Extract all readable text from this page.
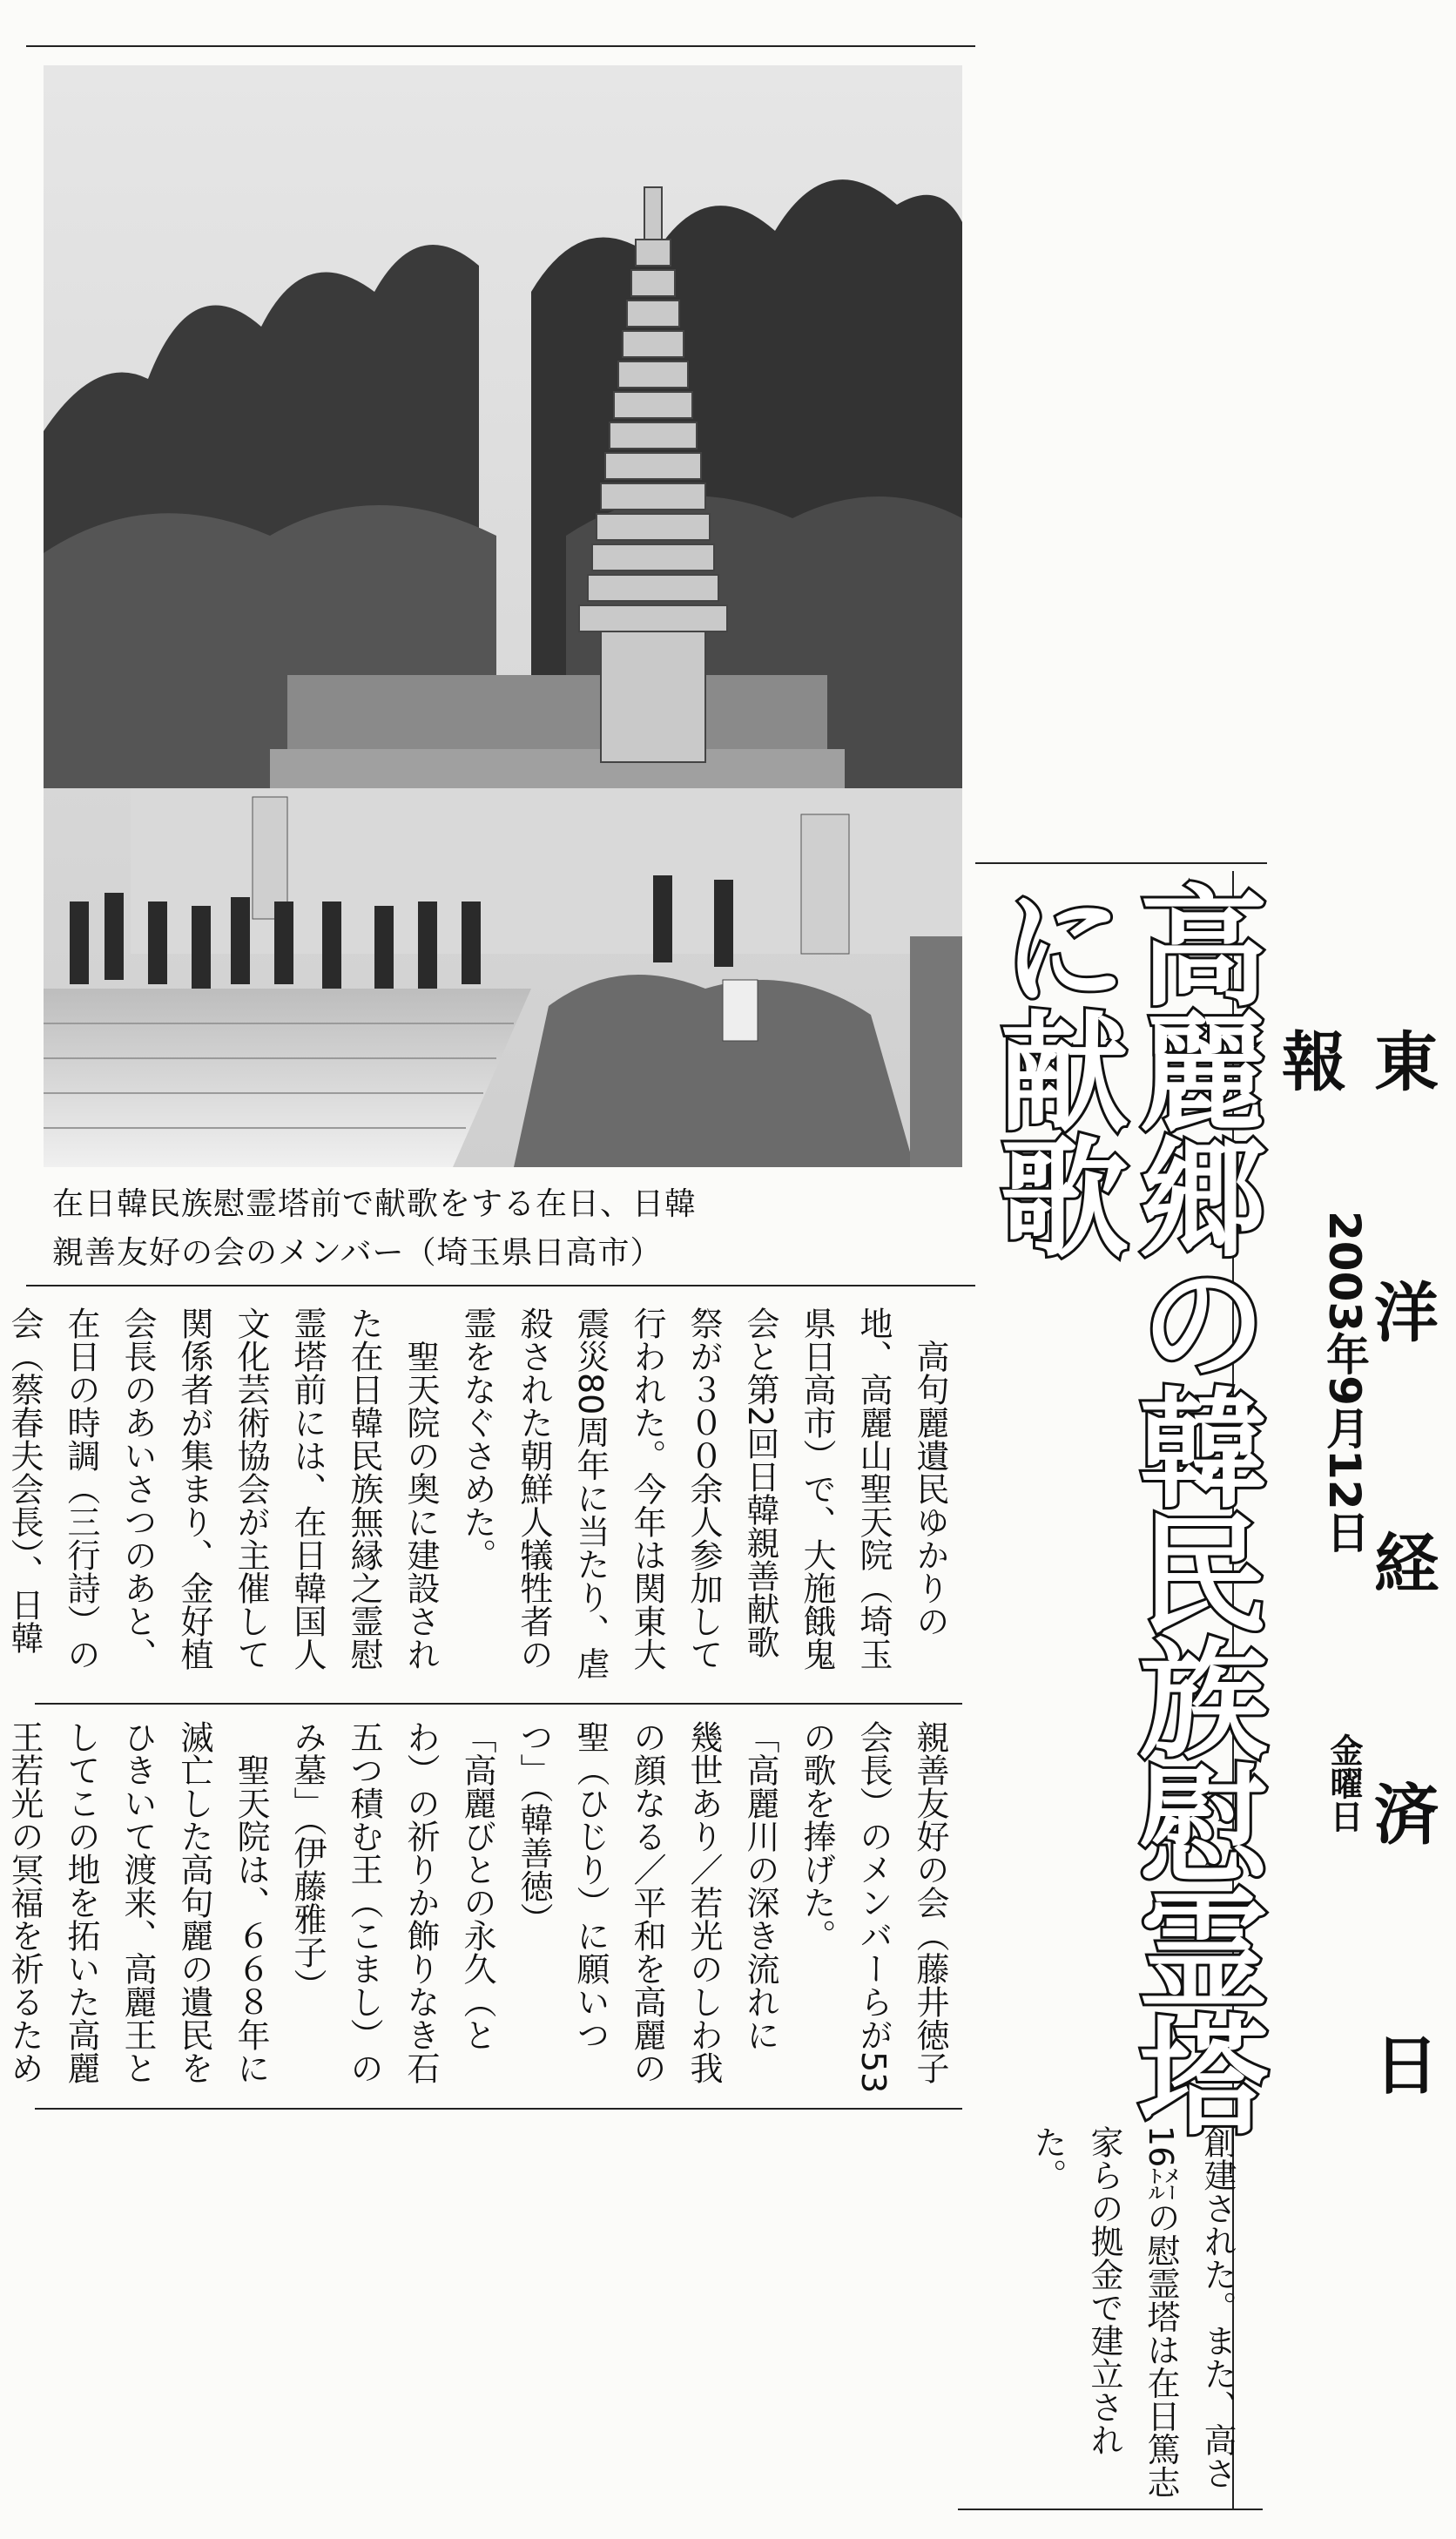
在日韓民族慰霊塔前で献歌をする在日、日韓
親善友好の会のメンバー（埼玉県日高市）
　高句麗遺民ゆかりの
地、高麗山聖天院（埼玉
県日高市）で、大施餓鬼
会と第2回日韓親善献歌
祭が３００余人参加して
行われた。今年は関東大
震災80周年に当たり、虐
殺された朝鮮人犠牲者の
霊をなぐさめた。
　聖天院の奥に建設され
た在日韓民族無縁之霊慰
霊塔前には、在日韓国人
文化芸術協会が主催して
関係者が集まり、金好植
会長のあいさつのあと、
在日の時調（三行詩）の
会（蔡春夫会長）、日韓
親善友好の会（藤井徳子
会長）のメンバーらが53
の歌を捧げた。
「高麗川の深き流れに
幾世あり／若光のしわ我
の顔なる／平和を高麗の
聖（ひじり）に願いつ
つ」（韓善徳）
「高麗びとの永久（と
わ）の祈りか飾りなき石
五つ積む王（こまし）の
み墓」（伊藤雅子）
　聖天院は、６６８年に
滅亡した高句麗の遺民を
ひきいて渡来、高麗王と
してこの地を拓いた高麗
王若光の冥福を祈るため
創建された。また、高さ
16㍍の慰霊塔は在日篤志
家らの拠金で建立され
た。
高麗郷の韓民族慰霊塔に献歌	東洋経済日報
2003年9月12日
金曜日
